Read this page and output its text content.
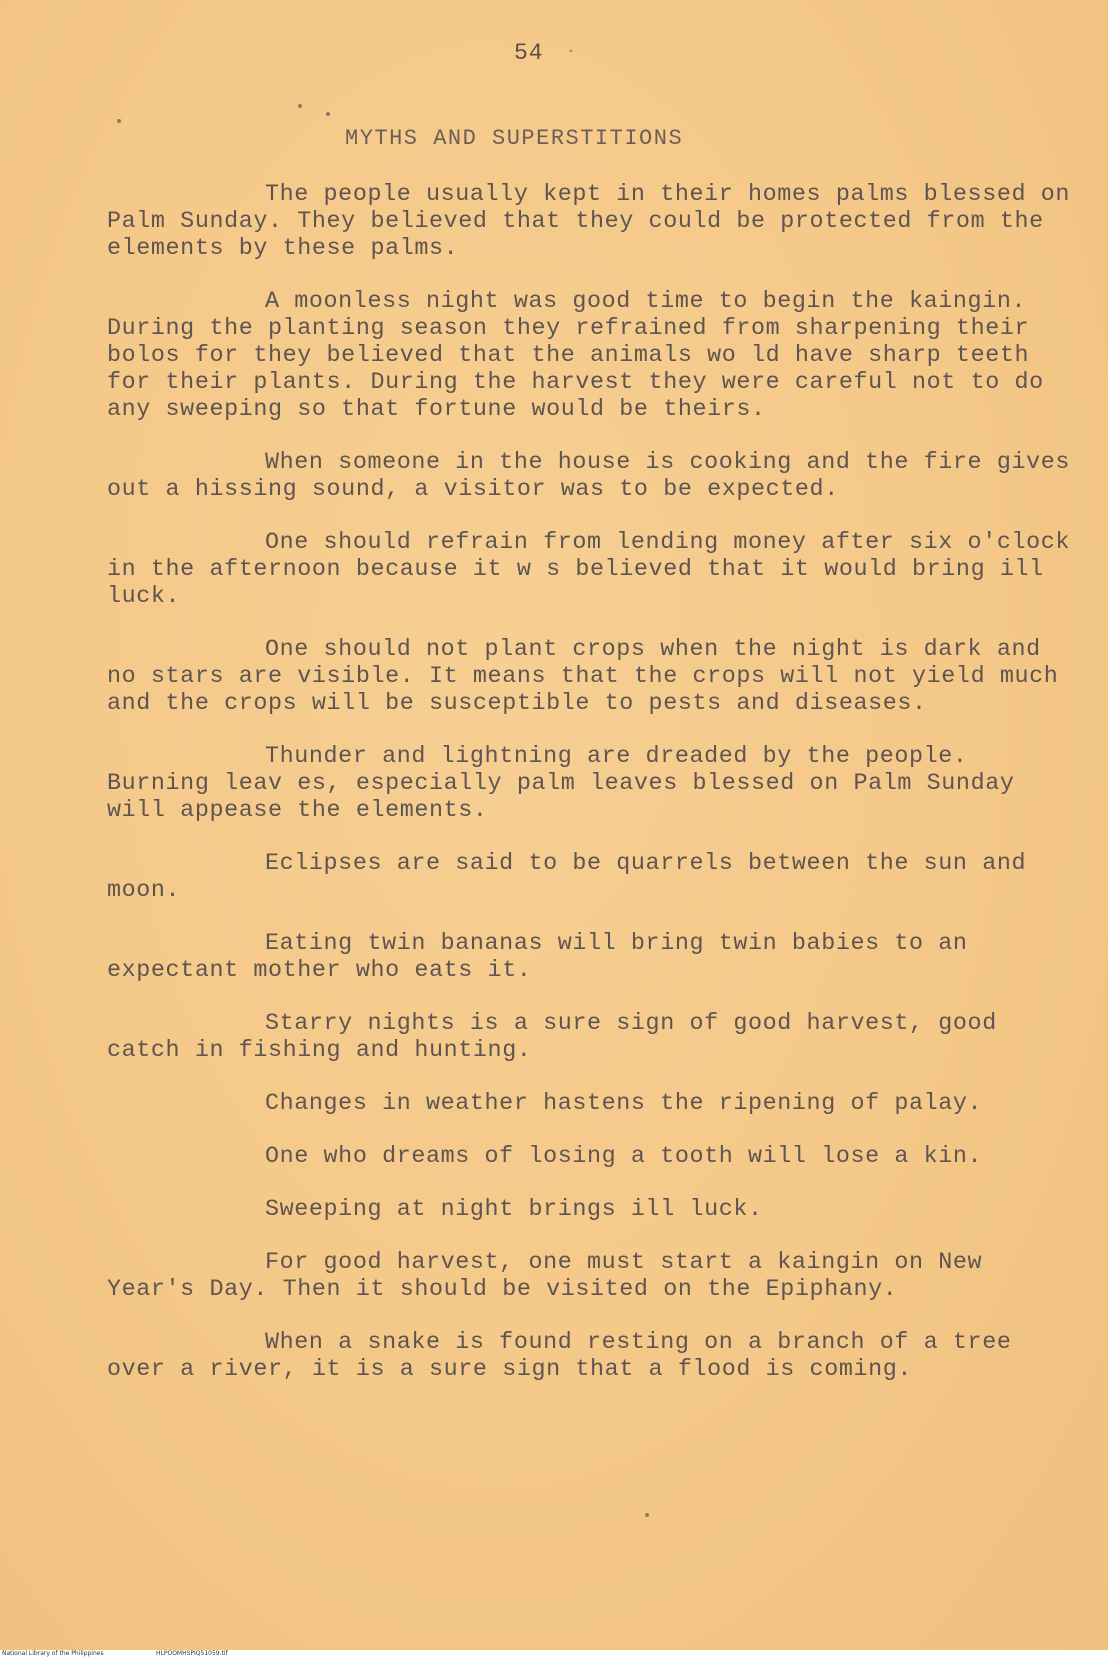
54 ·
MYTHS AND SUPERSTITIONS

The people usually kept in their homes palms blessed on Palm Sunday. They believed that they could be protected from the elements by these palms.

A moonless night was good time to begin the kaingin. During the planting season they refrained from sharpening their bolos for they believed that the animals wo ld have sharp teeth for their plants. During the harvest they were careful not to do any sweeping so that fortune would be theirs.

When someone in the house is cooking and the fire gives out a hissing sound, a visitor was to be expected.

One should refrain from lending money after six o'clock in the afternoon because it w s believed that it would bring ill luck.

One should not plant crops when the night is dark and no stars are visible. It means that the crops will not yield much and the crops will be susceptible to pests and diseases.

Thunder and lightning are dreaded by the people. Burning leav es, especially palm leaves blessed on Palm Sunday will appease the elements.

Eclipses are said to be quarrels between the sun and moon.

Eating twin bananas will bring twin babies to an expectant mother who eats it.

Starry nights is a sure sign of good harvest, good catch in fishing and hunting.

Changes in weather hastens the ripening of palay.

One who dreams of losing a tooth will lose a kin.

Sweeping at night brings ill luck.

For good harvest, one must start a kaingin on New Year's Day. Then it should be visited on the Epiphany.

When a snake is found resting on a branch of a tree over a river, it is a sure sign that a flood is coming.

National Library of the Philippines	HLPOOMHSPIQ51059.tif
